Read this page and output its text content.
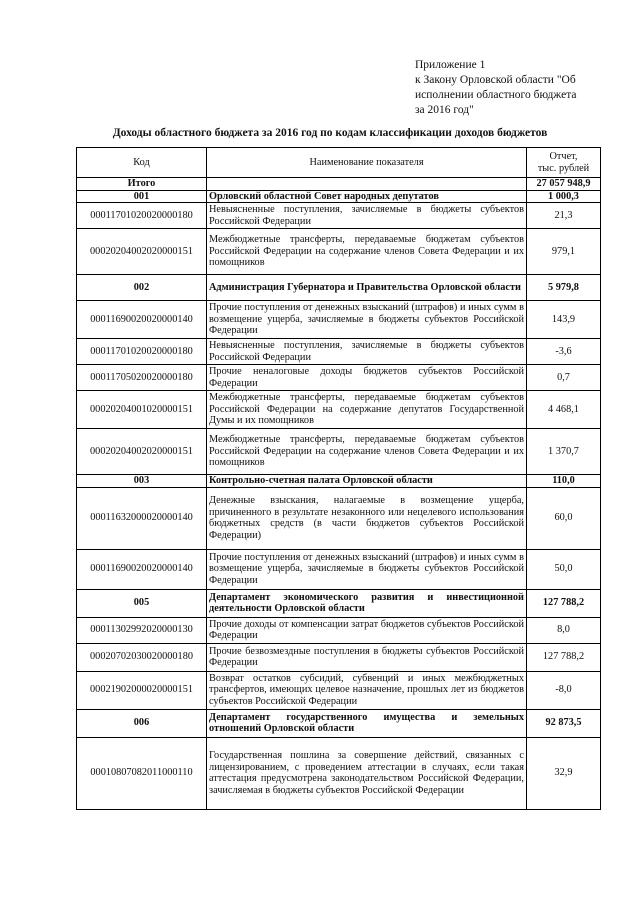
Приложение 1
к Закону Орловской области "Об
исполнении областного бюджета
за 2016 год"
Доходы областного бюджета за 2016 год по кодам классификации доходов бюджетов
Код	Наименование показателя	Отчет,
тыс. рублей

Итого		27 057 948,9
001	Орловский областной Совет народных депутатов	1 000,3
00011701020020000180	Невыясненные поступления, зачисляемые в бюджеты субъектов Российской Федерации	21,3
00020204002020000151	Межбюджетные трансферты, передаваемые бюджетам субъектов Российской Федерации на содержание членов Совета Федерации и их помощников	979,1
002	Администрация Губернатора и Правительства Орловской области	5 979,8
00011690020020000140	Прочие поступления от денежных взысканий (штрафов) и иных сумм в возмещение ущерба, зачисляемые в бюджеты субъектов Российской Федерации	143,9
00011701020020000180	Невыясненные поступления, зачисляемые в бюджеты субъектов Российской Федерации	-3,6
00011705020020000180	Прочие неналоговые доходы бюджетов субъектов Российской Федерации	0,7
00020204001020000151	Межбюджетные трансферты, передаваемые бюджетам субъектов Российской Федерации на содержание депутатов Государственной Думы и их помощников	4 468,1
00020204002020000151	Межбюджетные трансферты, передаваемые бюджетам субъектов Российской Федерации на содержание членов Совета Федерации и их помощников	1 370,7
003	Контрольно-счетная палата Орловской области	110,0
00011632000020000140	Денежные взыскания, налагаемые в возмещение ущерба, причиненного в результате незаконного или нецелевого использования бюджетных средств (в части бюджетов субъектов Российской Федерации)	60,0
00011690020020000140	Прочие поступления от денежных взысканий (штрафов) и иных сумм в возмещение ущерба, зачисляемые в бюджеты субъектов Российской Федерации	50,0
005	Департамент экономического развития и инвестиционной деятельности Орловской области	127 788,2
00011302992020000130	Прочие доходы от компенсации затрат бюджетов субъектов Российской Федерации	8,0
00020702030020000180	Прочие безвозмездные поступления в бюджеты субъектов Российской Федерации	127 788,2
00021902000020000151	Возврат остатков субсидий, субвенций и иных межбюджетных трансфертов, имеющих целевое назначение, прошлых лет из бюджетов субъектов Российской Федерации	-8,0
006	Департамент государственного имущества и земельных отношений Орловской области	92 873,5
00010807082011000110	Государственная пошлина за совершение действий, связанных с лицензированием, с проведением аттестации в случаях, если такая аттестация предусмотрена законодательством Российской Федерации, зачисляемая в бюджеты субъектов Российской Федерации	32,9
